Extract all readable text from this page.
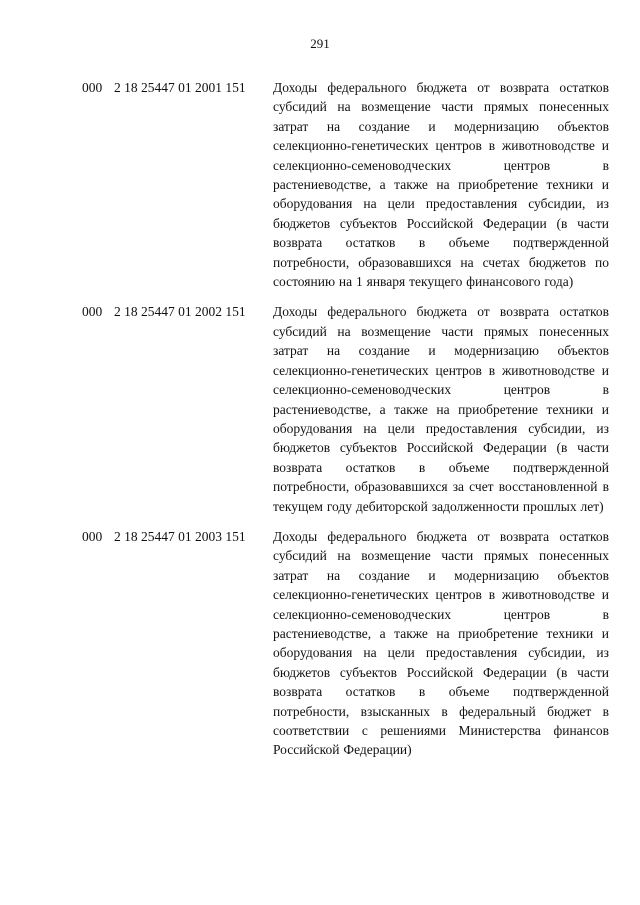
291
000 2 18 25447 01 2001 151 Доходы федерального бюджета от возврата остатков субсидий на возмещение части прямых понесенных затрат на создание и модернизацию объектов селекционно-генетических центров в животноводстве и селекционно-семеноводческих центров в растениеводстве, а также на приобретение техники и оборудования на цели предоставления субсидии, из бюджетов субъектов Российской Федерации (в части возврата остатков в объеме подтвержденной потребности, образовавшихся на счетах бюджетов по состоянию на 1 января текущего финансового года)
000 2 18 25447 01 2002 151 Доходы федерального бюджета от возврата остатков субсидий на возмещение части прямых понесенных затрат на создание и модернизацию объектов селекционно-генетических центров в животноводстве и селекционно-семеноводческих центров в растениеводстве, а также на приобретение техники и оборудования на цели предоставления субсидии, из бюджетов субъектов Российской Федерации (в части возврата остатков в объеме подтвержденной потребности, образовавшихся за счет восстановленной в текущем году дебиторской задолженности прошлых лет)
000 2 18 25447 01 2003 151 Доходы федерального бюджета от возврата остатков субсидий на возмещение части прямых понесенных затрат на создание и модернизацию объектов селекционно-генетических центров в животноводстве и селекционно-семеноводческих центров в растениеводстве, а также на приобретение техники и оборудования на цели предоставления субсидии, из бюджетов субъектов Российской Федерации (в части возврата остатков в объеме подтвержденной потребности, взысканных в федеральный бюджет в соответствии с решениями Министерства финансов Российской Федерации)
